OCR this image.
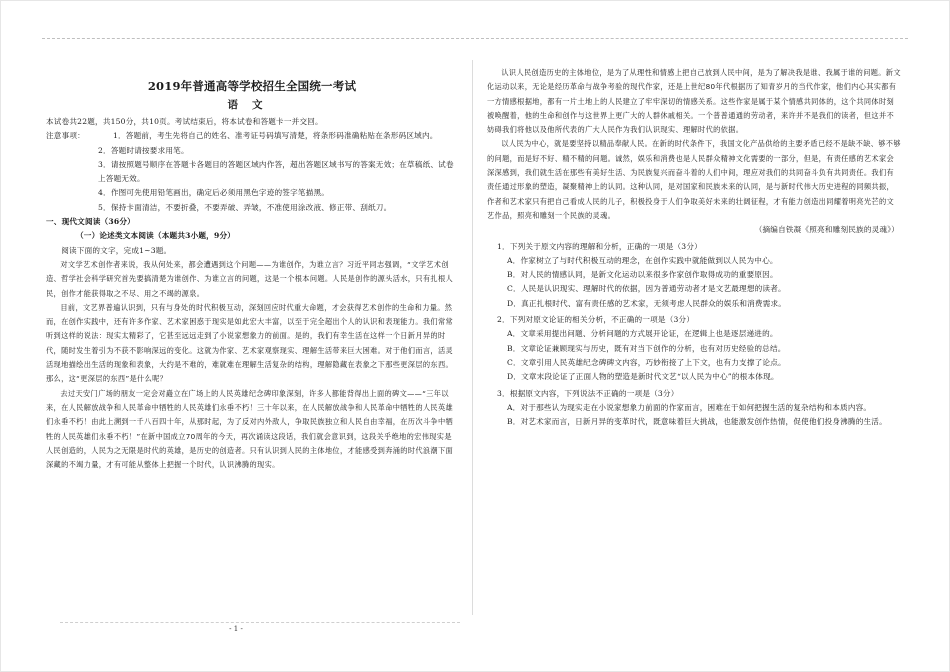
2019年普通高等学校招生全国统一考试
语文

本试卷共22题，共150分，共10页。考试结束后，将本试卷和答题卡一并交回。

注意事项：	1．答题前，考生先将自己的姓名、准考证号码填写清楚，将条形码准确粘贴在条形码区域内。

2．答题时请按要求用笔。

3．请按照题号顺序在答题卡各题目的答题区域内作答，超出答题区域书写的答案无效；在草稿纸、试卷上答题无效。

4．作图可先使用铅笔画出，确定后必须用黑色字迹的签字笔描黑。

5．保持卡面清洁，不要折叠，不要弄破、弄皱，不准使用涂改液、修正带、刮纸刀。

一、现代文阅读（36分）

（一）论述类文本阅读（本题共3小题，9分）

阅读下面的文字，完成1~3题。

对文学艺术创作者来说，我从何处来，都会遭遇到这个问题——为谁创作，为谁立言？习近平同志强调，“文学艺术创造、哲学社会科学研究首先要搞清楚为谁创作、为谁立言的问题，这是一个根本问题。人民是创作的源头活水，只有扎根人民，创作才能获得取之不尽、用之不竭的源泉。

目前，文艺界普遍认识到，只有与身处的时代积极互动，深刻回应时代重大命题，才会获得艺术创作的生命和力量。然而，在创作实践中，还有许多作家、艺术家困惑于现实是如此宏大丰富，以至于完全超出个人的认识和表现能力。我们常常听到这样的说法：现实太精彩了，它甚至远远走到了小说家想象力的前面。是的，我们有幸生活在这样一个日新月异的时代，随时发生着引为不获不影响深远的变化。这就为作家、艺术家观察现实、理解生活带来巨大困难。对于他们而言，活灵活现地描绘出生活的现象和表象，大约是不难的，难就难在理解生活复杂的结构，理解隐藏在表象之下那些更深层的东西。那么，这“更深层的东西”是什么呢？

去过天安门广场的朋友一定会对矗立在广场上的人民英雄纪念碑印象深刻，许多人都能背得出上面的碑文——“三年以来，在人民解放战争和人民革命中牺牲的人民英雄们永垂不朽！三十年以来，在人民解放战争和人民革命中牺牲的人民英雄们永垂不朽！由此上溯到一千八百四十年，从那时起，为了反对内外敌人，争取民族独立和人民自由幸福，在历次斗争中牺牲的人民英雄们永垂不朽！”在新中国成立70周年的今天，再次诵读这段话，我们就会意识到，这段关乎绝地的宏伟现实是人民创造的，人民为之无限是时代的英雄，是历史的创造者。只有认识到人民的主体地位，才能感受到奔涌的时代浪潮下面深藏的不竭力量，才有可能从整体上把握一个时代，认识沸腾的现实。

认识人民创造历史的主体地位，是为了从理性和情感上把自己放到人民中间，是为了解决我是谁、我属于谁的问题。新文化运动以来，无论是经历革命与战争考验的现代作家，还是上世纪80年代根据历了知青岁月的当代作家，他们内心其实都有一方情感根据地，都有一片土地上的人民建立了牢牢深切的情感关系。这些作家是属于某个情感共同体的，这个共同体时刻被唤醒着，他的生命和创作与这世界上更广大的人群休戚相关。一个普普通通的劳动者，来许并不是我们的读者，但这并不妨碍我们将他以及他所代表的广大人民作为我们认识现实、理解时代的依据。

以人民为中心，就是要坚持以精品奉献人民。在新的时代条件下，我国文化产品供给的主要矛盾已经不是缺不缺、够不够的问题，而是好不好、精不精的问题。诚然，娱乐和消费也是人民群众精神文化需要的一部分，但是，有责任感的艺术家会深深感到，我们就生活在那些有美好生活、为民族复兴而奋斗着的人们中间，理应对我们的共同奋斗负有共同责任。我们有责任通过形象的塑造，凝聚精神上的认同。这种认同，是对国家和民族未来的认同，是与新时代伟大历史进程的同频共振，作者和艺术家只有把自己看成人民的儿子，积极投身于人们争取美好未来的壮阔征程，才有能力创造出同耀着明亮光芒的文艺作品，照亮和雕刻一个民族的灵魂。

（摘编自铁凝《照亮和雕刻民族的灵魂》）

1．下列关于原文内容的理解和分析，正确的一项是（3分）

A．作家树立了与时代积极互动的理念，在创作实践中就能做到以人民为中心。

B．对人民的情感认同，是新文化运动以来很多作家创作取得成功的重要原因。

C．人民是认识现实、理解时代的依据，因为普通劳动者才是文艺最理想的读者。

D．真正扎根时代、富有责任感的艺术家，无须考虑人民群众的娱乐和消费需求。

2．下列对原文论证的相关分析，不正确的一项是（3分）

A．文章采用提出问题、分析问题的方式展开论证，在逻辑上也是逐层递进的。

B．文章论证兼顾现实与历史，既有对当下创作的分析，也有对历史经验的总结。

C．文章引用人民英雄纪念碑碑文内容，巧妙衔接了上下文，也有力支撑了论点。

D．文章末段论证了正面人物的塑造是新时代文艺“以人民为中心”的根本体现。

3．根据原文内容，下列说法不正确的一项是（3分）

A．对于那些认为现实走在小说家想象力前面的作家而言，困难在于如何把握生活的复杂结构和本质内容。

B．对艺术家而言，日新月异的变革时代，既意味着巨大挑战，也能激发创作热情，促使他们投身沸腾的生活。

- 1 -
